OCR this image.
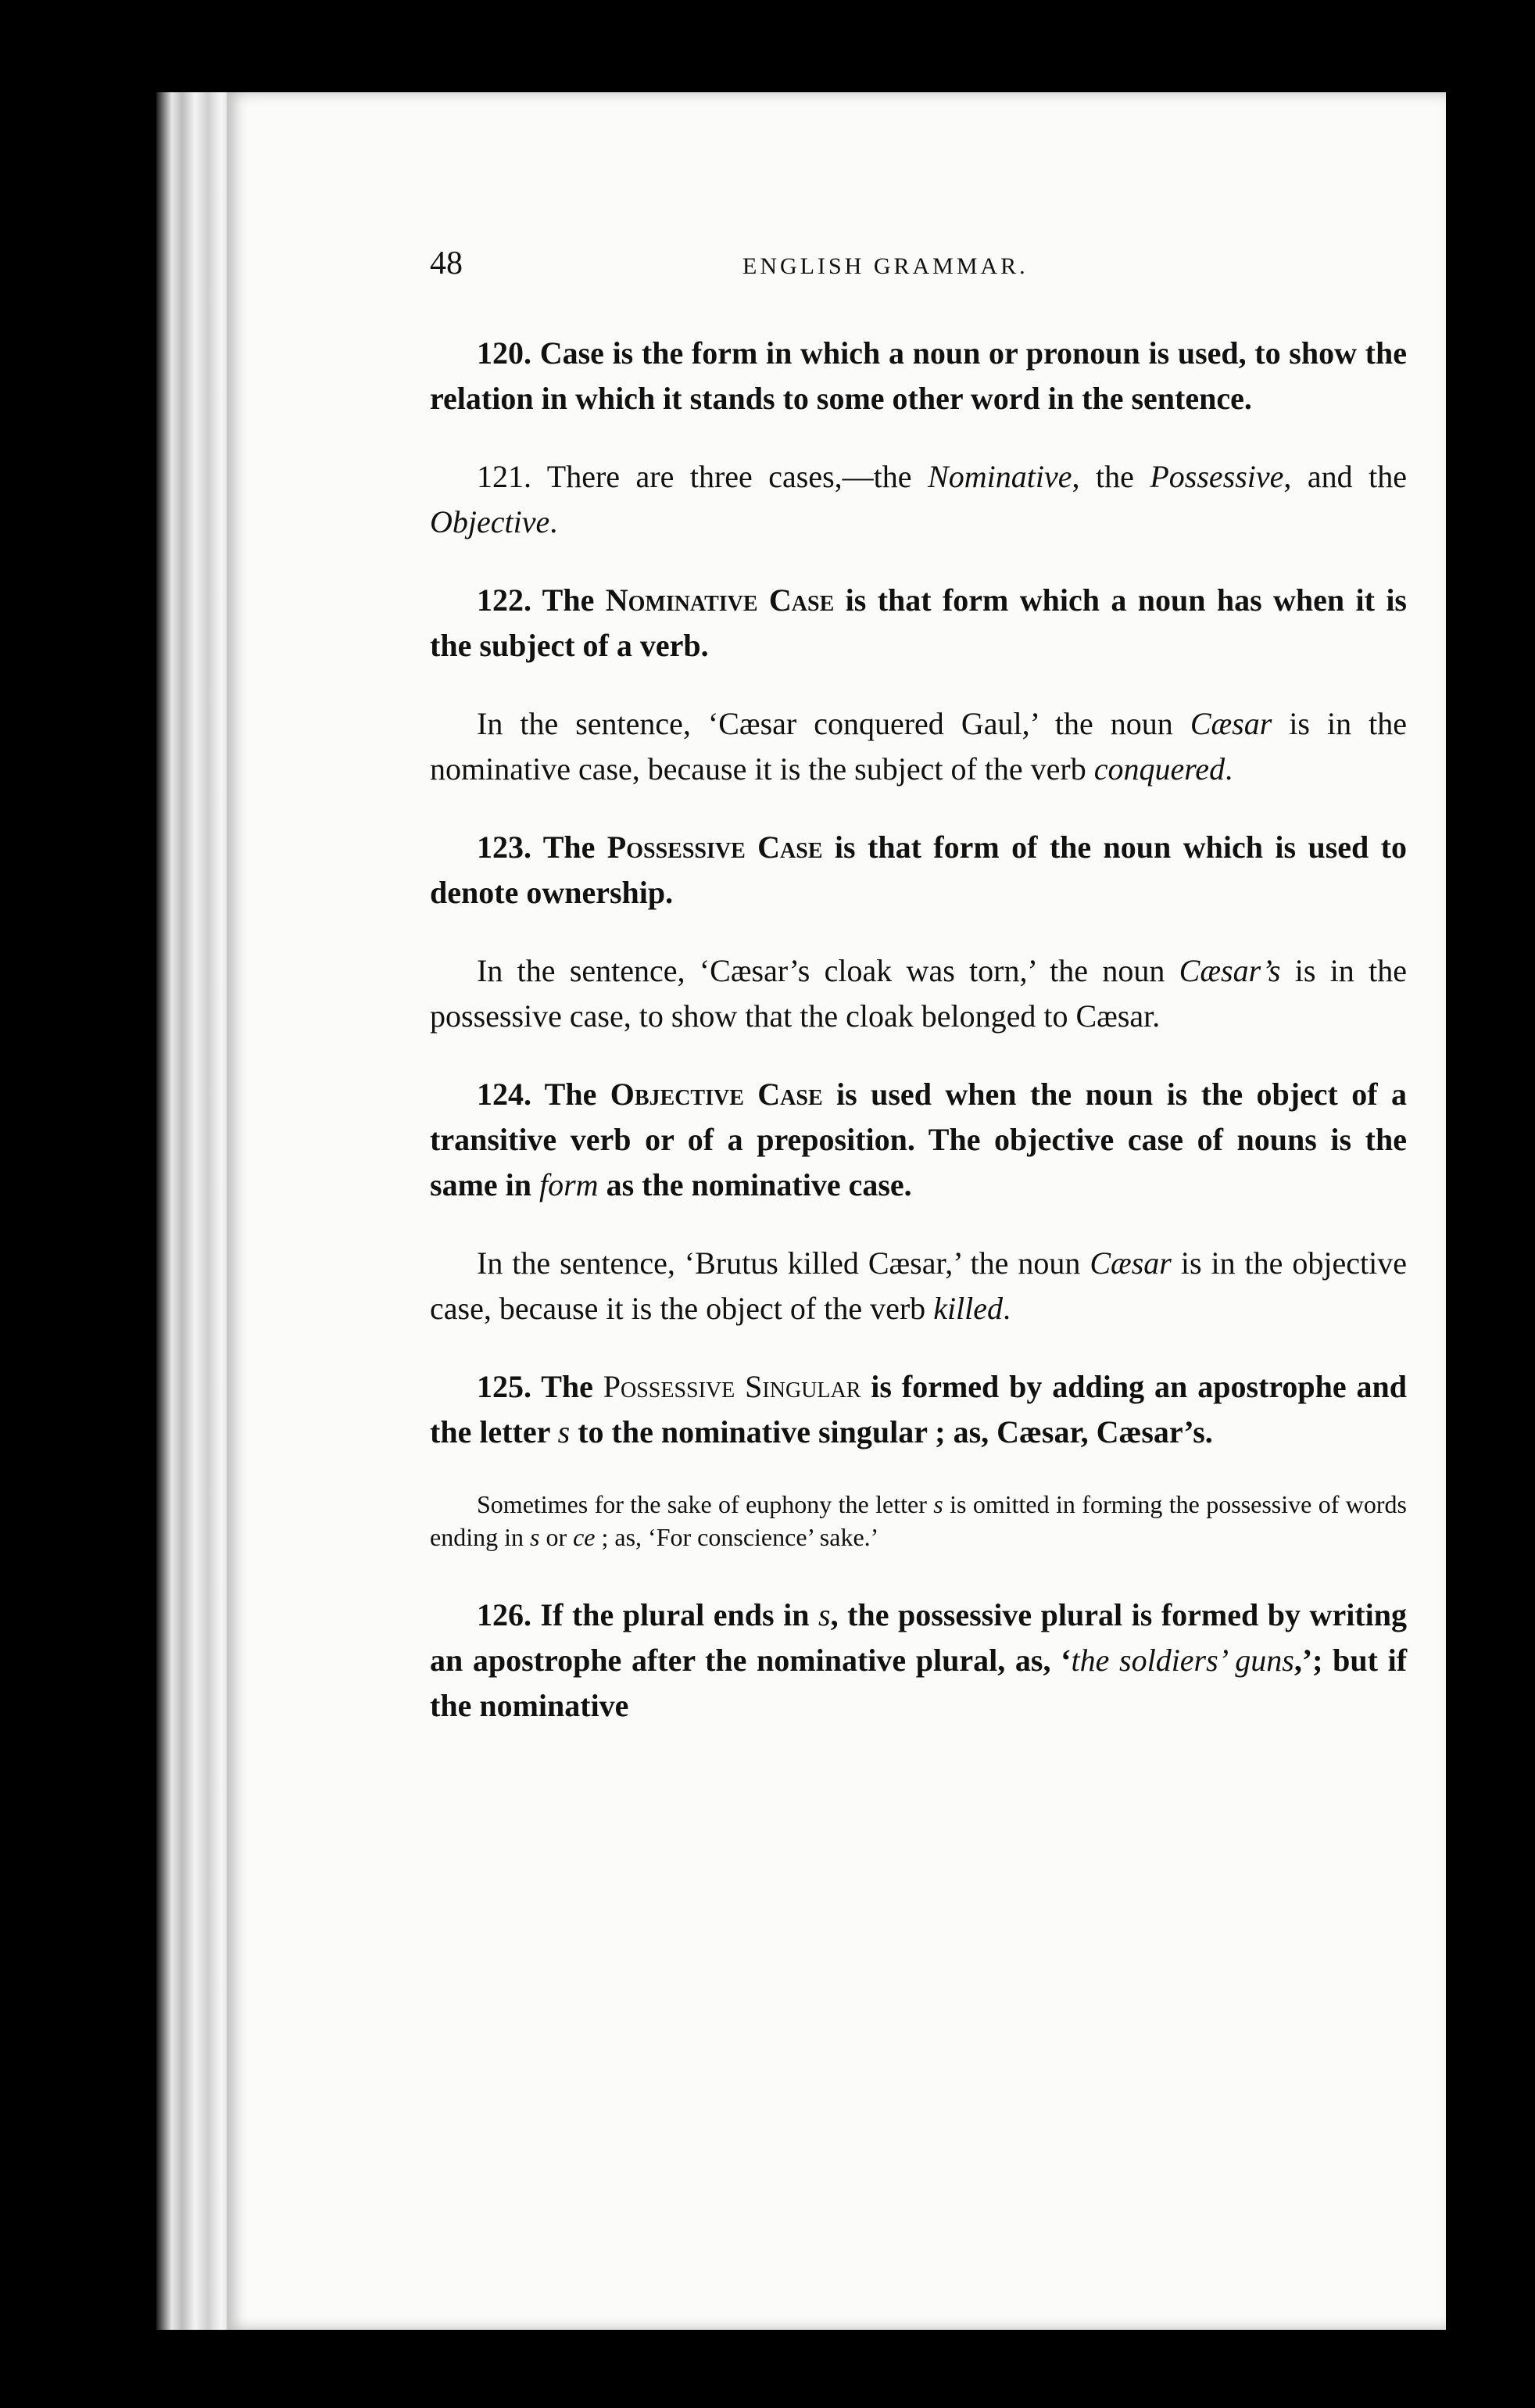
48	ENGLISH GRAMMAR.

120. Case is the form in which a noun or pronoun is used, to show the relation in which it stands to some other word in the sentence.

121. There are three cases,—the Nominative, the Possessive, and the Objective.

122. The Nominative Case is that form which a noun has when it is the subject of a verb.

In the sentence, ‘Cæsar conquered Gaul,’ the noun Cæsar is in the nominative case, because it is the subject of the verb conquered.

123. The Possessive Case is that form of the noun which is used to denote ownership.

In the sentence, ‘Cæsar’s cloak was torn,’ the noun Cæsar’s is in the possessive case, to show that the cloak belonged to Cæsar.

124. The Objective Case is used when the noun is the object of a transitive verb or of a preposition. The objective case of nouns is the same in form as the nominative case.

In the sentence, ‘Brutus killed Cæsar,’ the noun Cæsar is in the objective case, because it is the object of the verb killed.

125. The Possessive Singular is formed by adding an apostrophe and the letter s to the nominative singular ; as, Cæsar, Cæsar’s.

Sometimes for the sake of euphony the letter s is omitted in forming the possessive of words ending in s or ce ; as, ‘For conscience’ sake.’

126. If the plural ends in s, the possessive plural is formed by writing an apostrophe after the nominative plural, as, ‘the soldiers’ guns,’; but if the nominative
